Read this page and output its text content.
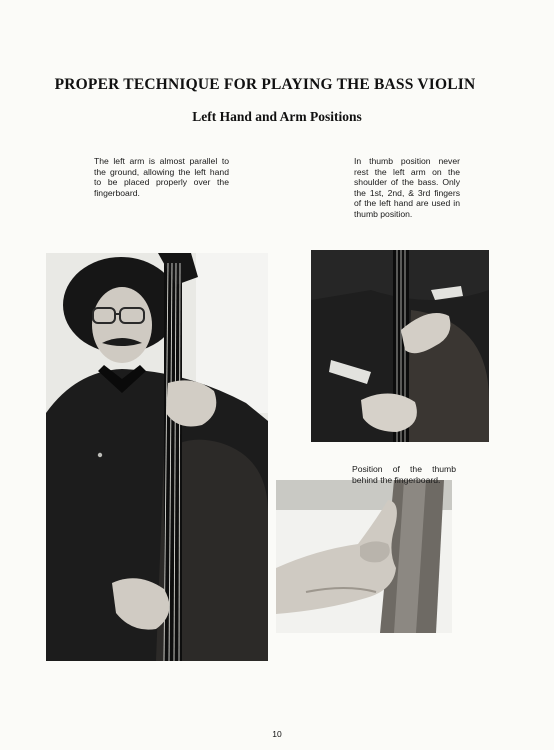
PROPER TECHNIQUE FOR PLAYING THE BASS VIOLIN
Left Hand and Arm Positions
The left arm is almost parallel to the ground, allowing the left hand to be placed properly over the fingerboard.
In thumb position never rest the left arm on the shoulder of the bass. Only the 1st, 2nd, & 3rd fingers of the left hand are used in thumb position.
Position of the thumb behind the fingerboard.
10
